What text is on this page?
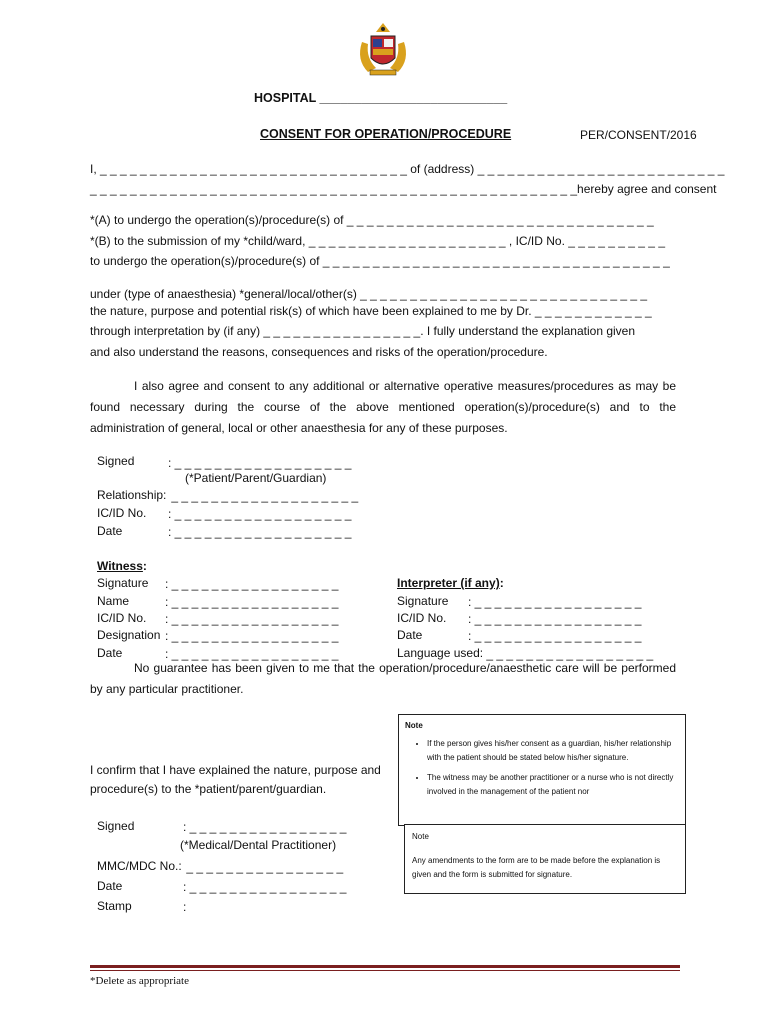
HOSPITAL ___________________________
CONSENT FOR OPERATION/PROCEDURE	PER/CONSENT/2016
I, _ _ _ _ _ _ _ _ _ _ _ _ _ _ _ _ _ _ _ _ _ _ _ _ _ _ _ _ _ _ _ of (address) _ _ _ _ _ _ _ _ _ _ _ _ _ _ _ _ _ _ _ _ _ _ _ _ _
_ _ _ _ _ _ _ _ _ _ _ _ _ _ _ _ _ _ _ _ _ _ _ _ _ _ _ _ _ _ _ _ _ _ _ _ _ _ _ _ _ _ _ _ _ _ _ _ _hereby agree and consent
*(A) to undergo the operation(s)/procedure(s) of _ _ _ _ _ _ _ _ _ _ _ _ _ _ _ _ _ _ _ _ _ _ _ _ _ _ _ _ _ _ _
*(B) to the submission of my *child/ward, _ _ _ _ _ _ _ _ _ _ _ _ _ _ _ _ _ _ _ _ , IC/ID No. _ _ _ _ _ _ _ _ _ _
to undergo the operation(s)/procedure(s) of _ _ _ _ _ _ _ _ _ _ _ _ _ _ _ _ _ _ _ _ _ _ _ _ _ _ _ _ _ _ _ _ _ _ _
under (type of anaesthesia) *general/local/other(s) _ _ _ _ _ _ _ _ _ _ _ _ _ _ _ _ _ _ _ _ _ _ _ _ _ _ _ _ _
the nature, purpose and potential risk(s) of which have been explained to me by Dr. _ _ _ _ _ _ _ _ _ _ _ _
through interpretation by (if any) _ _ _ _ _ _ _ _ _ _ _ _ _ _ _ _. I fully understand the explanation given
and also understand the reasons, consequences and risks of the operation/procedure.
I also agree and consent to any additional or alternative operative measures/procedures as may be found necessary during the course of the above mentioned operation(s)/procedure(s) and to the administration of general, local or other anaesthesia for any of these purposes.
Signed	: _ _ _ _ _ _ _ _ _ _ _ _ _ _ _ _ _ _
(*Patient/Parent/Guardian)
Relationship: _ _ _ _ _ _ _ _ _ _ _ _ _ _ _ _ _ _ _
IC/ID No. : _ _ _ _ _ _ _ _ _ _ _ _ _ _ _ _ _ _
Date	: _ _ _ _ _ _ _ _ _ _ _ _ _ _ _ _ _ _
Witness:
Signature : _ _ _ _ _ _ _ _ _ _ _ _ _ _ _ _ _
Name	: _ _ _ _ _ _ _ _ _ _ _ _ _ _ _ _ _
IC/ID No. : _ _ _ _ _ _ _ _ _ _ _ _ _ _ _ _ _
Designation : _ _ _ _ _ _ _ _ _ _ _ _ _ _ _ _ _
Date	: _ _ _ _ _ _ _ _ _ _ _ _ _ _ _ _ _
Interpreter (if any):
Signature : _ _ _ _ _ _ _ _ _ _ _ _ _ _ _ _ _
IC/ID No. : _ _ _ _ _ _ _ _ _ _ _ _ _ _ _ _ _
Date	: _ _ _ _ _ _ _ _ _ _ _ _ _ _ _ _ _
Language used: _ _ _ _ _ _ _ _ _ _ _ _ _ _ _ _ _
No guarantee has been given to me that the operation/procedure/anaesthetic care will be performed by any particular practitioner.
I confirm that I have explained the nature, purpose and
procedure(s) to the *patient/parent/guardian.
Signed	: _ _ _ _ _ _ _ _ _ _ _ _ _ _ _ _
(*Medical/Dental Practitioner)
MMC/MDC No.: _ _ _ _ _ _ _ _ _ _ _ _ _ _ _ _
Date	: _ _ _ _ _ _ _ _ _ _ _ _ _ _ _ _
Stamp	:
Note
• If the person gives his/her consent as a guardian, his/her relationship with the patient should be stated below his/her signature.
• The witness may be another practitioner or a nurse who is not directly involved in the management of the patient nor
Note
Any amendments to the form are to be made before the explanation is given and the form is submitted for signature.
*Delete as appropriate
